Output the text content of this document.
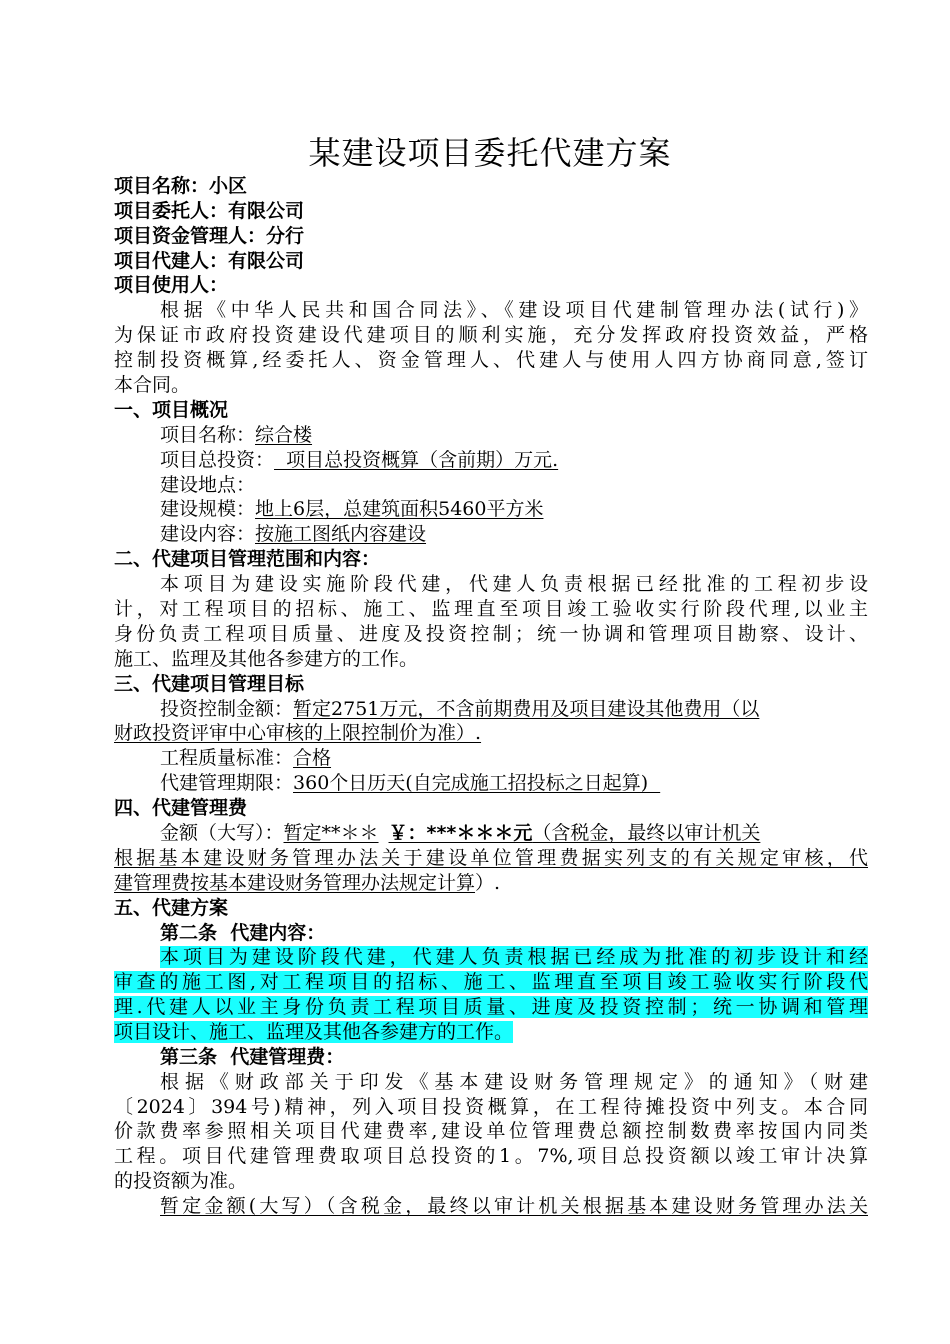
某建设项目委托代建方案
项目名称：小区
项目委托人：有限公司
项目资金管理人：分行
项目代建人：有限公司
项目使用人：
根据《中华人民共和国合同法》、《建设项目代建制管理办法(试行)》
为保证市政府投资建设代建项目的顺利实施，充分发挥政府投资效益，严格
控制投资概算,经委托人、资金管理人、代建人与使用人四方协商同意,签订
本合同。
一、项目概况
项目名称：综合楼
项目总投资：  项目总投资概算（含前期）万元.
建设地点：
建设规模：地上6层，总建筑面积5460平方米
建设内容：按施工图纸内容建设
二、代建项目管理范围和内容：
本项目为建设实施阶段代建，代建人负责根据已经批准的工程初步设
计，对工程项目的招标、施工、监理直至项目竣工验收实行阶段代理,以业主
身份负责工程项目质量、进度及投资控制；统一协调和管理项目勘察、设计、
施工、监理及其他各参建方的工作。
三、代建项目管理目标
投资控制金额：暂定2751万元，不含前期费用及项目建设其他费用（以
财政投资评审中心审核的上限控制价为准）.
工程质量标准：合格
代建管理期限：360个日历天(自完成施工招投标之日起算)
四、代建管理费
金额（大写）：暂定**＊＊ ￥：***＊＊＊元（含税金，最终以审计机关
根据基本建设财务管理办法关于建设单位管理费据实列支的有关规定审核，代
建管理费按基本建设财务管理办法规定计算）.
五、代建方案
第二条  代建内容：
本项目为建设阶段代建，代建人负责根据已经成为批准的初步设计和经
审查的施工图,对工程项目的招标、施工、监理直至项目竣工验收实行阶段代
理.代建人以业主身份负责工程项目质量、进度及投资控制；统一协调和管理
项目设计、施工、监理及其他各参建方的工作。
第三条  代建管理费：
根据《财政部关于印发《基本建设财务管理规定》的通知》（财建
〔2024〕394号)精神，列入项目投资概算，在工程待摊投资中列支。本合同
价款费率参照相关项目代建费率,建设单位管理费总额控制数费率按国内同类
工程。项目代建管理费取项目总投资的1。7%,项目总投资额以竣工审计决算
的投资额为准。
暂定金额(大写）（含税金，最终以审计机关根据基本建设财务管理办法关
